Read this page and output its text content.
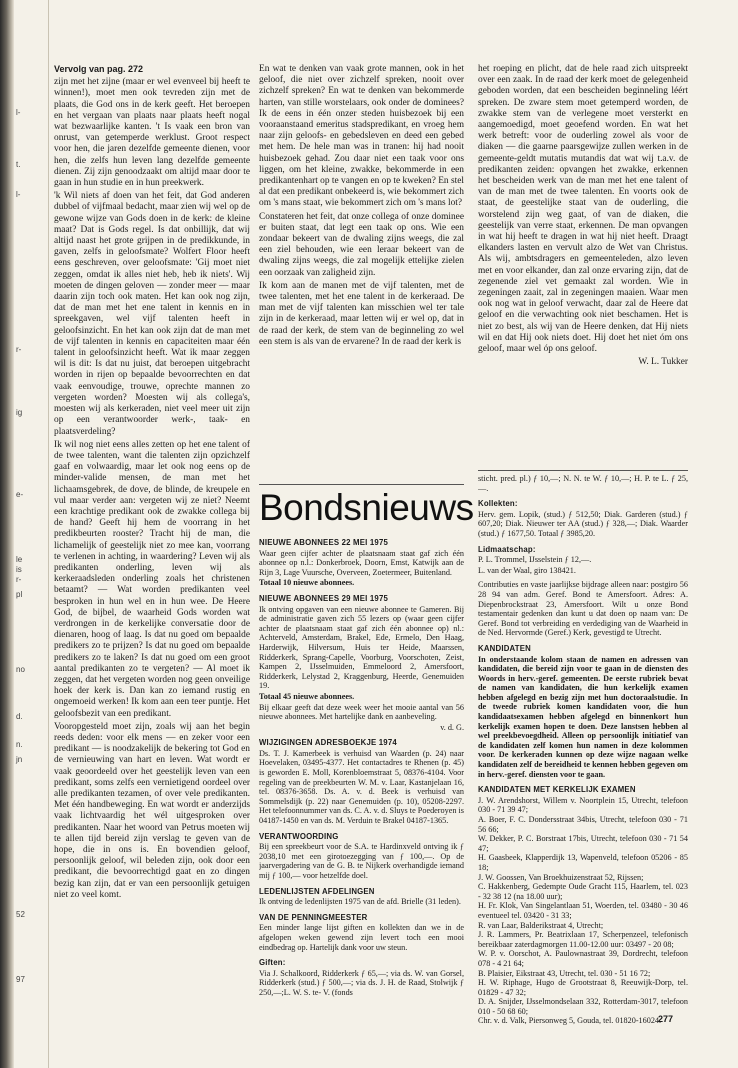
l-
t.
l-
r-
ig
e-
le
is
r-
pl
no
d.
n.
jn
52
97
Vervolg van pag. 272

zijn met het zijne (maar er wel evenveel bij heeft te winnen!), moet men ook tevreden zijn met de plaats, die God ons in de kerk geeft. Het beroepen en het vergaan van plaats naar plaats heeft nogal wat bezwaarlijke kanten. 't Is vaak een bron van onrust, van getemperde werklust. Groot respect voor hen, die jaren dezelfde gemeente dienen, voor hen, die zelfs hun leven lang dezelfde gemeente dienen. Zij zijn genoodzaakt om altijd maar door te gaan in hun studie en in hun preekwerk.

'k Wil niets af doen van het feit, dat God anderen dubbel of vijfmaal bedacht, maar zien wij wel op de gewone wijze van Gods doen in de kerk: de kleine maat? Dat is Gods regel. Is dat onbillijk, dat wij altijd naast het grote grijpen in de predikkunde, in gaven, zelfs in geloofsmate? Wolfert Floor heeft eens geschreven, over geloofsmate: 'Gij moet niet zeggen, omdat ik alles niet heb, heb ik niets'. Wij moeten de dingen geloven — zonder meer — maar daarin zijn toch ook maten. Het kan ook nog zijn, dat de man met het ene talent in kennis en in spreekgaven, wel vijf talenten heeft in geloofsinzicht. En het kan ook zijn dat de man met de vijf talenten in kennis en capaciteiten maar één talent in geloofsinzicht heeft. Wat ik maar zeggen wil is dit: Is dat nu juist, dat beroepen uitgebracht worden in rijen op bepaalde bevoorrechten en dat vaak eenvoudige, trouwe, oprechte mannen zo vergeten worden? Moesten wij als collega's, moesten wij als kerkeraden, niet veel meer uit zijn op een verantwoorder werk-, taak- en plaatsverdeling?

Ik wil nog niet eens alles zetten op het ene talent of de twee talenten, want die talenten zijn opzichzelf gaaf en volwaardig, maar let ook nog eens op de minder-valide mensen, de man met het lichaamsgebrek, de dove, de blinde, de kreupele en vul maar verder aan: vergeten wij ze niet? Neemt een krachtige predikant ook de zwakke collega bij de hand? Geeft hij hem de voorrang in het predikbeurten rooster? Tracht hij de man, die lichamelijk of geestelijk niet zo mee kan, voorrang te verlenen in achting, in waardering? Leven wij als predikanten onderling, leven wij als kerkeraadsleden onderling zoals het christenen betaamt? — Wat worden predikanten veel besproken in hun wel en in hun wee. De Heere God, de bijbel, de waarheid Gods worden wat verdrongen in de kerkelijke conversatie door de dienaren, hoog of laag. Is dat nu goed om bepaalde predikers zo te prijzen? Is dat nu goed om bepaalde predikers zo te laken? Is dat nu goed om een groot aantal predikanten zo te vergeten? — Al moet ik zeggen, dat het vergeten worden nog geen onveilige hoek der kerk is. Dan kan zo iemand rustig en ongemoeid werken! Ik kom aan een teer puntje. Het geloofsbezit van een predikant.

Vooropgesteld moet zijn, zoals wij aan het begin reeds deden: voor elk mens — en zeker voor een predikant — is noodzakelijk de bekering tot God en de vernieuwing van hart en leven. Wat wordt er vaak geoordeeld over het geestelijk leven van een predikant, soms zelfs een vernietigend oordeel over alle predikanten tezamen, of over vele predikanten. Met één handbeweging. En wat wordt er anderzijds vaak lichtvaardig het wél uitgesproken over predikanten. Naar het woord van Petrus moeten wij te allen tijd bereid zijn verslag te geven van de hope, die in ons is. En bovendien geloof, persoonlijk geloof, wil beleden zijn, ook door een predikant, die bevoorrechtigd gaat en zo dingen bezig kan zijn, dat er van een persoonlijk getuigen niet zo veel komt.

En wat te denken van vaak grote mannen, ook in het geloof, die niet over zichzelf spreken, nooit over zichzelf spreken? En wat te denken van bekommerde harten, van stille worstelaars, ook onder de dominees? Ik de eens in één onzer steden huisbezoek bij een vooraanstaand emeritus stadspredikant, en vroeg hem naar zijn geloofs- en gebedsleven en deed een gebed met hem. De hele man was in tranen: hij had nooit huisbezoek gehad. Zou daar niet een taak voor ons liggen, om het kleine, zwakke, bekommerde in een predikantenhart op te vangen en op te kweken? En stel al dat een predikant onbekeerd is, wie bekommert zich om 's mans staat, wie bekommert zich om 's mans lot?

Constateren het feit, dat onze collega of onze dominee er buiten staat, dat legt een taak op ons. Wie een zondaar bekeert van de dwaling zijns weegs, die zal een ziel behouden, wie een leraar bekeert van de dwaling zijns weegs, die zal mogelijk ettelijke zielen een oorzaak van zaligheid zijn.

Ik kom aan de manen met de vijf talenten, met de twee talenten, met het ene talent in de kerkeraad. De man met de vijf talenten kan misschien wel ter tale zijn in de kerkeraad, maar letten wij er wel op, dat in de raad der kerk, de stem van de beginneling zo wel een stem is als van de ervarene? In de raad der kerk is

het roeping en plicht, dat de hele raad zich uitspreekt over een zaak. In de raad der kerk moet de gelegenheid geboden worden, dat een bescheiden beginneling léért spreken. De zware stem moet getemperd worden, de zwakke stem van de verlegene moet versterkt en aangemoedigd, moet geoefend worden. En wat het werk betreft: voor de ouderling zowel als voor de diaken — die gaarne paarsgewijze zullen werken in de gemeente-geldt mutatis mutandis dat wat wij t.a.v. de predikanten zeiden: opvangen het zwakke, erkennen het bescheiden werk van de man met het ene talent of van de man met de twee talenten. En voorts ook de staat, de geestelijke staat van de ouderling, die worstelend zijn weg gaat, of van de diaken, die geestelijk van verre staat, erkennen. De man opvangen in wat hij heeft te dragen in wat hij niet heeft. Draagt elkanders lasten en vervult alzo de Wet van Christus. Als wij, ambtsdragers en gemeenteleden, alzo leven met en voor elkander, dan zal onze ervaring zijn, dat de zegenende ziel vet gemaakt zal worden. Wie in zegeningen zaait, zal in zegeningen maaien. Waar men ook nog wat in geloof verwacht, daar zal de Heere dat geloof en die verwachting ook niet beschamen. Het is niet zo best, als wij van de Heere denken, dat Hij niets wil en dat Hij ook niets doet. Hij doet het niet óm ons geloof, maar wel óp ons geloof.

W. L. Tukker
Bondsnieuws
NIEUWE ABONNEES 22 MEI 1975

Waar geen cijfer achter de plaatsnaam staat gaf zich één abonnee op n.l.: Donkerbroek, Doorn, Emst, Katwijk aan de Rijn 3, Lage Vuursche, Overveen, Zoetermeer, Buitenland.

Totaal 10 nieuwe abonnees.

NIEUWE ABONNEES 29 MEI 1975

Ik ontving opgaven van een nieuwe abonnee te Gameren. Bij de administratie gaven zich 55 lezers op (waar geen cijfer achter de plaatsnaam staat gaf zich één abonnee op) nl.: Achterveld, Amsterdam, Brakel, Ede, Ermelo, Den Haag, Harderwijk, Hilversum, Huis ter Heide, Maarssen, Ridderkerk, Sprang-Capelle, Voorburg, Voorschoten, Zeist, Kampen 2, IJsselmuiden, Emmeloord 2, Amersfoort, Ridderkerk, Lelystad 2, Kraggenburg, Heerde, Genemuiden 19.

Totaal 45 nieuwe abonnees.

Bij elkaar geeft dat deze week weer het mooie aantal van 56 nieuwe abonnees. Met hartelijke dank en aanbeveling.

v. d. G.

WIJZIGINGEN ADRESBOEKJE 1974

Ds. T. J. Kamerbeek is verhuisd van Waarden (p. 24) naar Hoevelaken, 03495-4377. Het contactadres te Rhenen (p. 45) is geworden E. Moll, Korenbloemstraat 5, 08376-4104. Voor regeling van de preekbeurten W. M. v. Laar, Kastanjelaan 16, tel. 08376-3658. Ds. A. v. d. Beek is verhuisd van Sommelsdijk (p. 22) naar Genemuiden (p. 10), 05208-2297. Het telefoonnummer van ds. C. A. v. d. Sluys te Poederoyen is 04187-1450 en van ds. M. Verduin te Brakel 04187-1365.

VERANTWOORDING

Bij een spreekbeurt voor de S.A. te Hardinxveld ontving ik ƒ 2038,10 met een girotoezegging van ƒ 100,—. Op de jaarvergadering van de G. B. te Nijkerk overhandigde iemand mij ƒ 100,— voor hetzelfde doel.

LEDENLIJSTEN AFDELINGEN

Ik ontving de ledenlijsten 1975 van de afd. Brielle (31 leden).

VAN DE PENNINGMEESTER

Een minder lange lijst giften en kollekten dan we in de afgelopen weken gewend zijn levert toch een mooi eindbedrag op. Hartelijk dank voor uw steun.

Giften:

Via J. Schalkoord, Ridderkerk ƒ 65,—; via ds. W. van Gorsel, Ridderkerk (stud.) ƒ 500,—; via ds. J. H. de Raad, Stolwijk ƒ 250,—;L. W. S. te- V. (fonds

sticht. pred. pl.) ƒ 10,—; N. N. te W. ƒ 10,—; H. P. te L. ƒ 25,—.

Kollekten:

Herv. gem. Lopik, (stud.) ƒ 512,50; Diak. Garderen (stud.) ƒ 607,20; Diak. Nieuwer ter AA (stud.) ƒ 328,—; Diak. Waarder (stud.) ƒ 1677,50. Totaal ƒ 3985,20.

Lidmaatschap:

P. L. Trommel, IJsselstein ƒ 12,—.

L. van der Waal, giro 138421.

Contributies en vaste jaarlijkse bijdrage alleen naar: postgiro 56 28 94 van adm. Geref. Bond te Amersfoort. Adres: A. Diepenbrockstraat 23, Amersfoort. Wilt u onze Bond testamentair gedenken dan kunt u dat doen op naam van: De Geref. Bond tot verbreiding en verdediging van de Waarheid in de Ned. Hervormde (Geref.) Kerk, gevestigd te Utrecht.

KANDIDATEN

In onderstaande kolom staan de namen en adressen van kandidaten, die bereid zijn voor te gaan in de diensten des Woords in herv.-geref. gemeenten. De eerste rubriek bevat de namen van kandidaten, die hun kerkelijk examen hebben afgelegd en bezig zijn met hun doctoraalstudie. In de tweede rubriek komen kandidaten voor, die hun kandidaatsexamen hebben afgelegd en binnenkort hun kerkelijk examen hopen te doen. Deze lanstsen hebben al wel preekbevoegdheid. Alleen op persoonlijk initiatief van de kandidaten zelf komen hun namen in deze kolommen voor. De kerkeraden kunnen op deze wijze nagaan welke kandidaten zelf de bereidheid te kennen hebben gegeven om in herv.-geref. diensten voor te gaan.

KANDIDATEN MET KERKELIJK EXAMEN

J. W. Arendshorst, Willem v. Noortplein 15, Utrecht, telefoon 030 - 71 39 47;

A. Boer, F. C. Dondersstraat 34bis, Utrecht, telefoon 030 - 71 56 66;

W. Dekker, P. C. Borstraat 17bis, Utrecht, telefoon 030 - 71 54 47;

H. Gaasbeek, Klapperdijk 13, Wapenveld, telefoon 05206 - 85 18;

J. W. Goossen, Van Broekhuizenstraat 52, Rijssen;

C. Hakkenberg, Gedempte Oude Gracht 115, Haarlem, tel. 023 - 32 38 12 (na 18.00 uur);

H. Fr. Klok, Van Singelantlaan 51, Woerden, tel. 03480 - 30 46 eventueel tel. 03420 - 31 33;

R. van Laar, Balderikstraat 4, Utrecht;

J. R. Lammers, Pr. Beatrixlaan 17, Scherpenzeel, telefonisch bereikbaar zaterdagmorgen 11.00-12.00 uur: 03497 - 20 08;

W. P. v. Oorschot, A. Paulownastraat 39, Dordrecht, telefoon 078 - 4 21 64;

B. Plaisier, Eikstraat 43, Utrecht, tel. 030 - 51 16 72;

H. W. Riphage, Hugo de Grootstraat 8, Reeuwijk-Dorp, tel. 01829 - 47 32;

D. A. Snijder, IJsselmondselaan 332, Rotterdam-3017, telefoon 010 - 50 68 60;

Chr. v. d. Valk, Piersonweg 5, Gouda, tel. 01820-16024.

277
